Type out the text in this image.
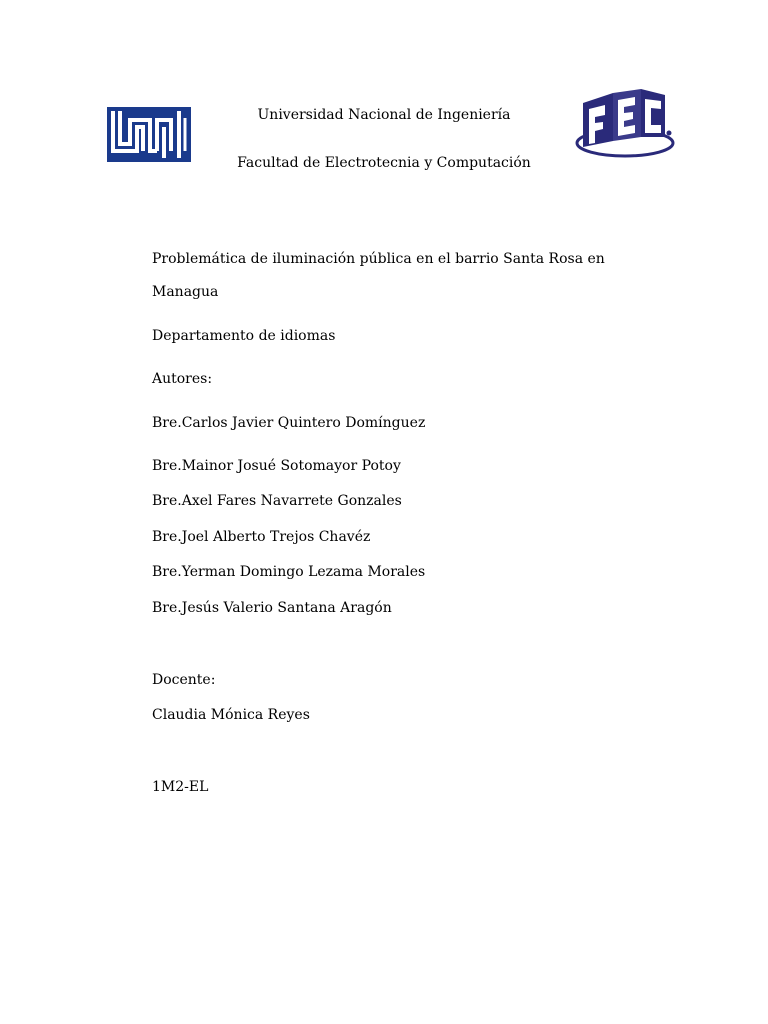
Universidad Nacional de Ingeniería
Facultad de Electrotecnia y Computación
Problemática de iluminación pública en el barrio Santa Rosa en
Managua
Departamento de idiomas
Autores:
Bre.Carlos Javier Quintero Domínguez
Bre.Mainor Josué Sotomayor Potoy
Bre.Axel Fares Navarrete Gonzales
Bre.Joel Alberto Trejos Chavéz
Bre.Yerman Domingo Lezama Morales
Bre.Jesús Valerio Santana Aragón
Docente:
Claudia Mónica Reyes
1M2-EL
